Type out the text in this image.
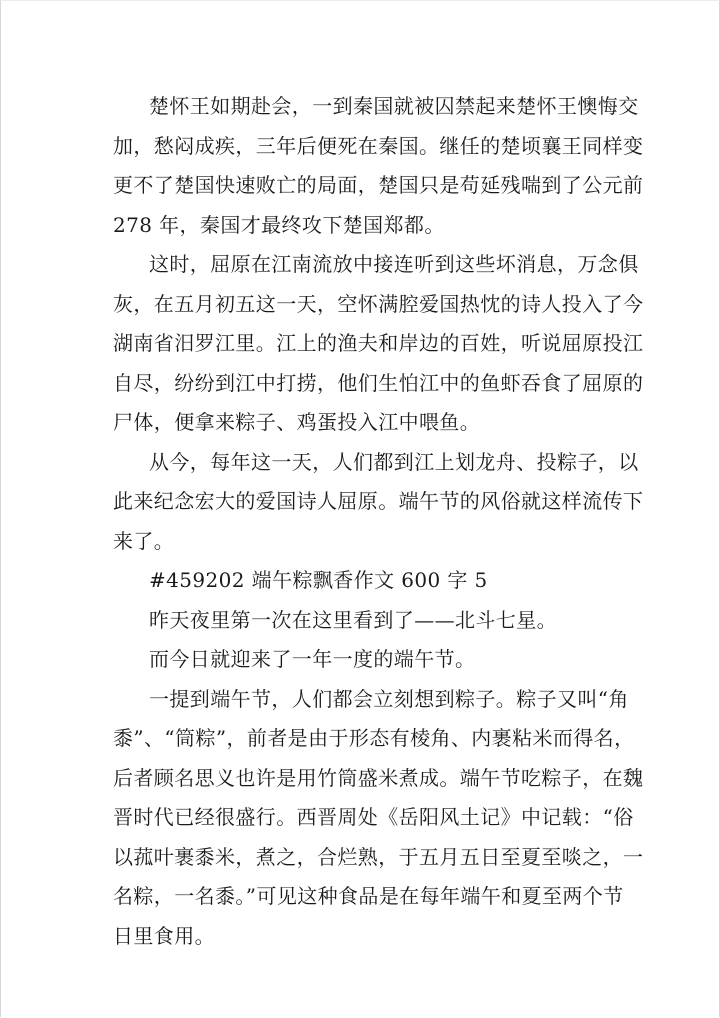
楚怀王如期赴会，一到秦国就被囚禁起来楚怀王懊悔交
加，愁闷成疾，三年后便死在秦国。继任的楚顷襄王同样变
更不了楚国快速败亡的局面，楚国只是苟延残喘到了公元前
278 年，秦国才最终攻下楚国郑都。
这时，屈原在江南流放中接连听到这些坏消息，万念俱
灰，在五月初五这一天，空怀满腔爱国热忱的诗人投入了今
湖南省汨罗江里。江上的渔夫和岸边的百姓，听说屈原投江
自尽，纷纷到江中打捞，他们生怕江中的鱼虾吞食了屈原的
尸体，便拿来粽子、鸡蛋投入江中喂鱼。
从今，每年这一天，人们都到江上划龙舟、投粽子，以
此来纪念宏大的爱国诗人屈原。端午节的风俗就这样流传下
来了。
#459202 端午粽飘香作文 600 字 5
昨天夜里第一次在这里看到了——北斗七星。
而今日就迎来了一年一度的端午节。
一提到端午节，人们都会立刻想到粽子。粽子又叫“角
黍”、“筒粽”，前者是由于形态有棱角、内裹粘米而得名，
后者顾名思义也许是用竹筒盛米煮成。端午节吃粽子，在魏
晋时代已经很盛行。西晋周处《岳阳风土记》中记载：“俗
以菰叶裹黍米，煮之，合烂熟，于五月五日至夏至啖之，一
名粽，一名黍。”可见这种食品是在每年端午和夏至两个节
日里食用。
